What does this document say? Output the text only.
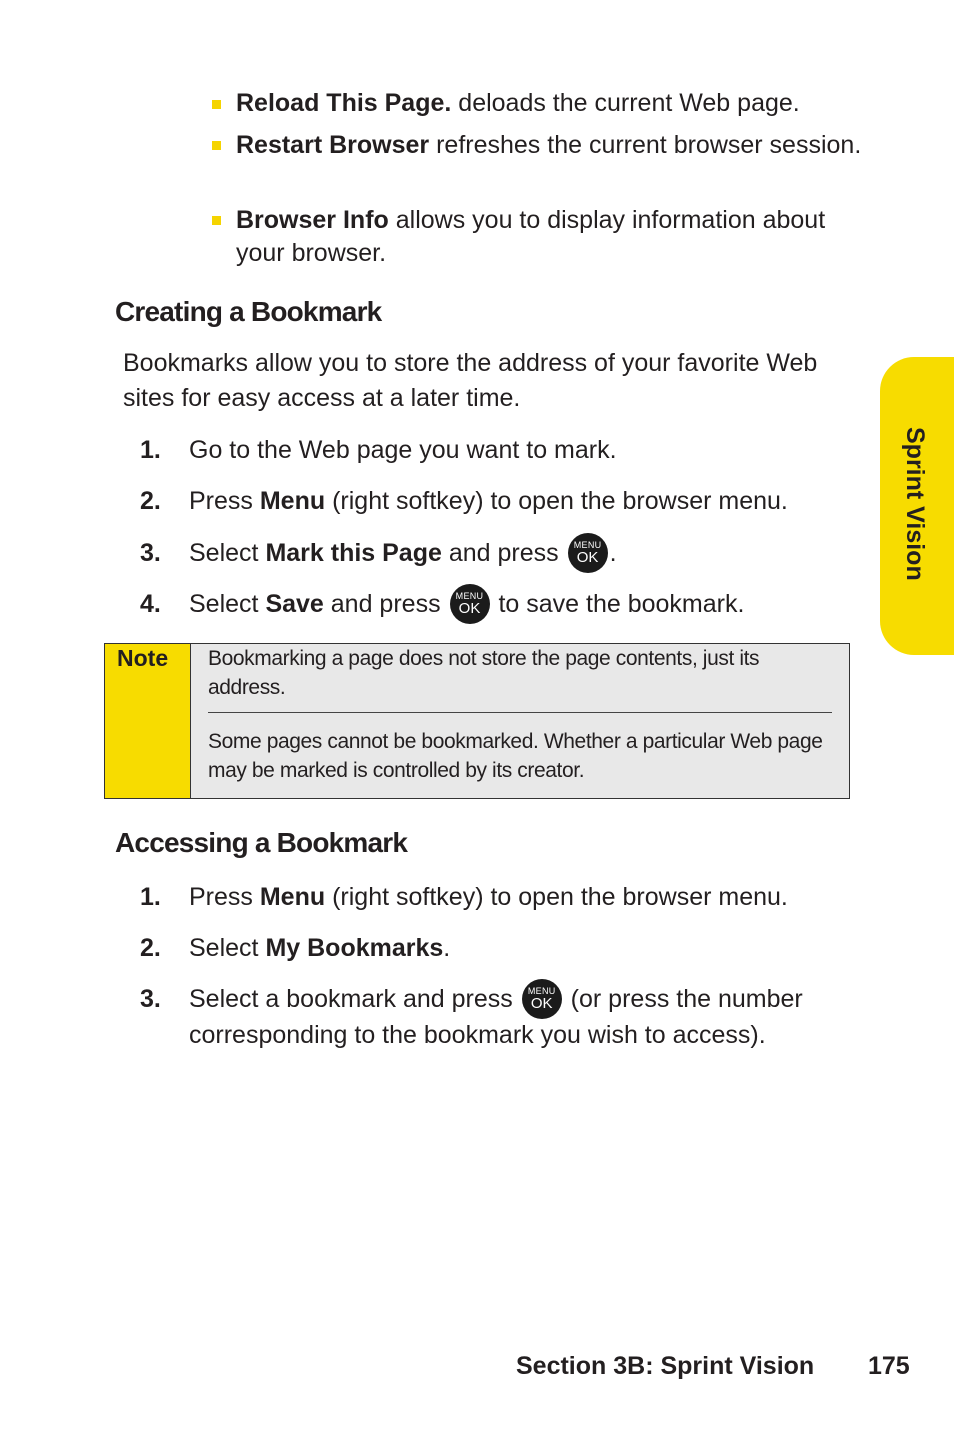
Reload This Page. deloads the current Web page.
Restart Browser refreshes the current browser session.
Browser Info allows you to display information about your browser.
Creating a Bookmark
Bookmarks allow you to store the address of your favorite Web sites for easy access at a later time.
1.	Go to the Web page you want to mark.
2.	Press Menu (right softkey) to open the browser menu.
3.	Select Mark this Page and press MENU
OK .
4.	Select Save and press MENU
OK to save the bookmark.
Note Bookmarking a page does not store the page contents, just its address.
Some pages cannot be bookmarked. Whether a particular Web page may be marked is controlled by its creator.
Accessing a Bookmark
1.	Press Menu (right softkey) to open the browser menu.
2.	Select My Bookmarks.
3.	Select a bookmark and press MENU
OK (or press the number corresponding to the bookmark you wish to access).
Sprint Vision
Section 3B: Sprint Vision 175
